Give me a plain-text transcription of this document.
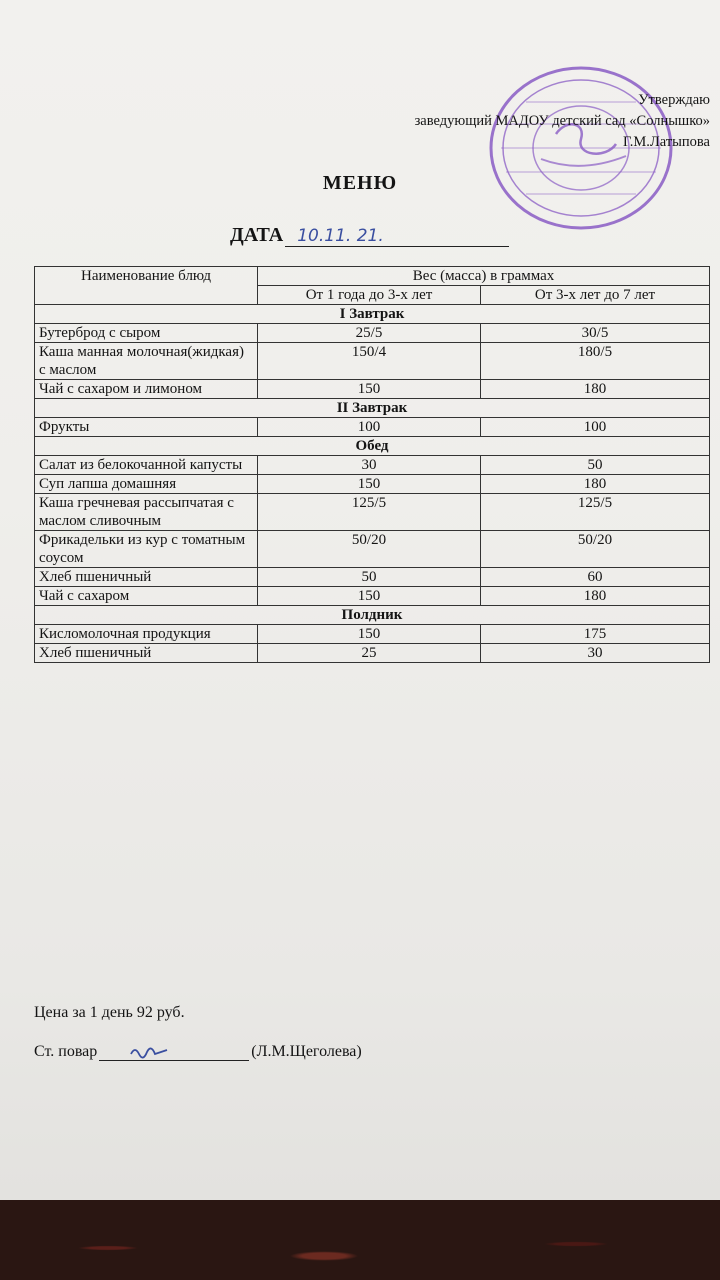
Утверждаю
заведующий МАДОУ детский сад «Солнышко»
Г.М.Латыпова
МЕНЮ
ДАТА 10.11. 21.
Наименование блюд	Вес (масса) в граммах	
	От 1 года до 3-х лет	От 3-х лет до 7 лет
I Завтрак		
Бутерброд с сыром	25/5	30/5
Каша манная молочная(жидкая) с маслом	150/4	180/5
Чай с сахаром и лимоном	150	180
II Завтрак		
Фрукты	100	100
Обед		
Салат из белокочанной капусты	30	50
Суп лапша домашняя	150	180
Каша гречневая рассыпчатая с маслом сливочным	125/5	125/5
Фрикадельки из кур с томатным соусом	50/20	50/20
Хлеб пшеничный	50	60
Чай с сахаром	150	180
Полдник		
Кисломолочная продукция	150	175
Хлеб пшеничный	25	30
Цена за 1 день 92 руб.
Ст. повар	(Л.М.Щеголева)
